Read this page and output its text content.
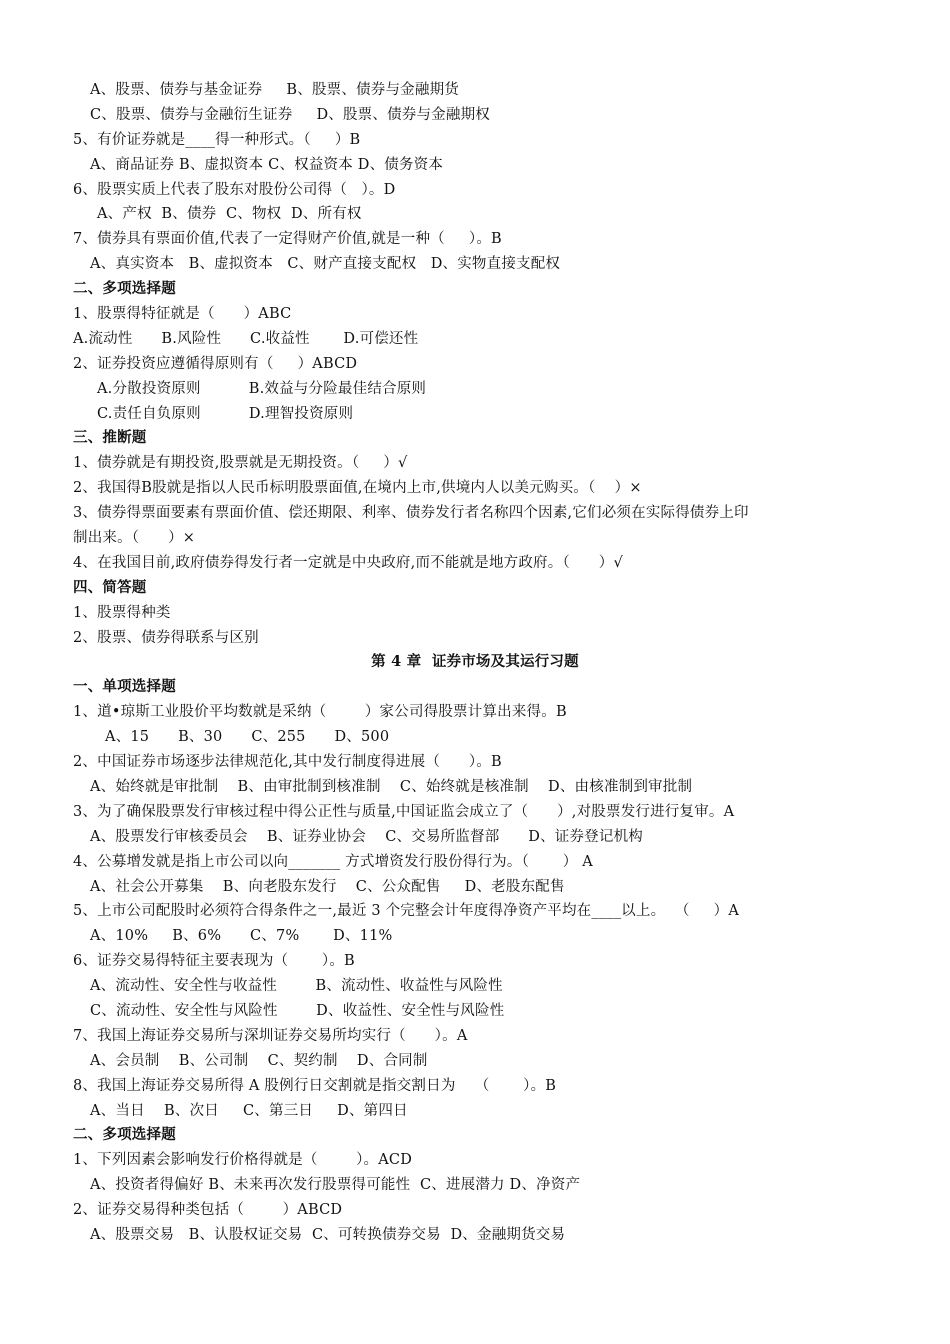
A、股票、债券与基金证券     B、股票、债券与金融期货
C、股票、债券与金融衍生证券     D、股票、债券与金融期权
5、有价证券就是____得一种形式。（     ）B
A、商品证券 B、虚拟资本 C、权益资本 D、债务资本
6、股票实质上代表了股东对股份公司得（   ）。D
A、产权  B、债券  C、物权  D、所有权
7、债券具有票面价值,代表了一定得财产价值,就是一种（     ）。B
A、真实资本   B、虚拟资本   C、财产直接支配权   D、实物直接支配权
二、多项选择题
1、股票得特征就是（      ）ABC
A.流动性      B.风险性      C.收益性       D.可偿还性
2、证券投资应遵循得原则有（     ）ABCD
A.分散投资原则          B.效益与分险最佳结合原则
C.责任自负原则          D.理智投资原则
三、推断题
1、债券就是有期投资,股票就是无期投资。（     ）√
2、我国得B股就是指以人民币标明股票面值,在境内上市,供境内人以美元购买。（    ）×
3、债券得票面要素有票面价值、偿还期限、利率、债券发行者名称四个因素,它们必须在实际得债券上印
制出来。（      ）×
4、在我国目前,政府债券得发行者一定就是中央政府,而不能就是地方政府。（      ）√
四、简答题
1、股票得种类
2、股票、债券得联系与区别
第 4 章  证券市场及其运行习题
一、单项选择题
1、道•琼斯工业股价平均数就是采纳（        ）家公司得股票计算出来得。B
A、15      B、30      C、255      D、500
2、中国证券市场逐步法律规范化,其中发行制度得进展（      ）。B
A、始终就是审批制    B、由审批制到核准制    C、始终就是核准制    D、由核准制到审批制
3、为了确保股票发行审核过程中得公正性与质量,中国证监会成立了（      ）,对股票发行进行复审。A
A、股票发行审核委员会    B、证券业协会    C、交易所监督部      D、证券登记机构
4、公募增发就是指上市公司以向_______ 方式增资发行股份得行为。（       ） A
A、社会公开募集    B、向老股东发行    C、公众配售     D、老股东配售
5、上市公司配股时必须符合得条件之一,最近 3 个完整会计年度得净资产平均在____以上。  （     ）A
A、10%     B、6%      C、7%       D、11%
6、证券交易得特征主要表现为（       ）。B
A、流动性、安全性与收益性        B、流动性、收益性与风险性
C、流动性、安全性与风险性        D、收益性、安全性与风险性
7、我国上海证券交易所与深圳证券交易所均实行（      ）。A
A、会员制    B、公司制    C、契约制    D、合同制
8、我国上海证券交易所得 A 股例行日交割就是指交割日为    （       ）。B
A、当日    B、次日     C、第三日     D、第四日
二、多项选择题
1、下列因素会影响发行价格得就是（        ）。ACD
A、投资者得偏好 B、未来再次发行股票得可能性  C、进展潜力 D、净资产
2、证券交易得种类包括（        ）ABCD
A、股票交易   B、认股权证交易  C、可转换债券交易  D、金融期货交易
